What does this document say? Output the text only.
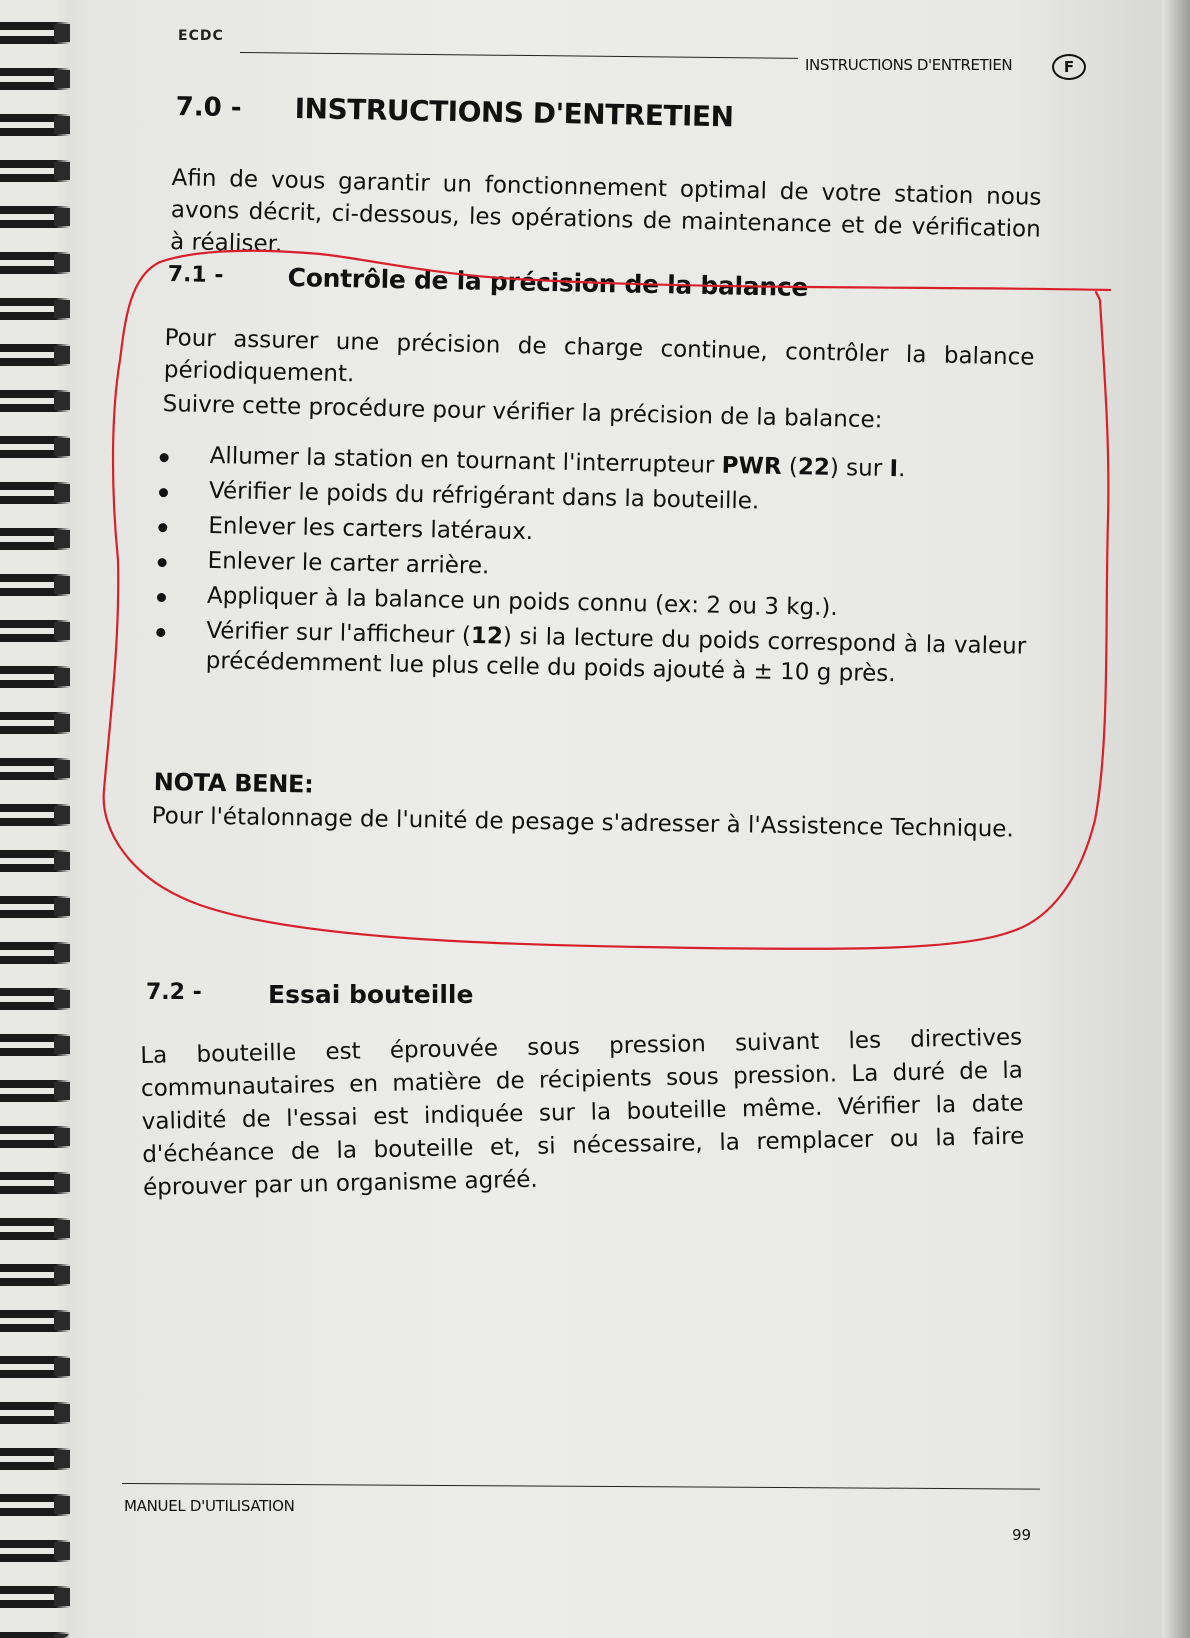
ECDC
INSTRUCTIONS D'ENTRETIEN	F
7.0 - INSTRUCTIONS D'ENTRETIEN
Afin de vous garantir un fonctionnement optimal de votre station nous avons décrit, ci-dessous, les opérations de maintenance et de vérification à réaliser.
7.1 -	Contrôle de la précision de la balance
Pour assurer une précision de charge continue, contrôler la balance périodiquement.
Suivre cette procédure pour vérifier la précision de la balance:
Allumer la station en tournant l'interrupteur PWR (22) sur I.
Vérifier le poids du réfrigérant dans la bouteille.
Enlever les carters latéraux.
Enlever le carter arrière.
Appliquer à la balance un poids connu (ex: 2 ou 3 kg.).
Vérifier sur l'afficheur (12) si la lecture du poids correspond à la valeur précédemment lue plus celle du poids ajouté à ± 10 g près.
NOTA BENE:
Pour l'étalonnage de l'unité de pesage s'adresser à l'Assistence Technique.
7.2 -	Essai bouteille
La bouteille est éprouvée sous pression suivant les directives communautaires en matière de récipients sous pression. La duré de la validité de l'essai est indiquée sur la bouteille même. Vérifier la date d'échéance de la bouteille et, si nécessaire, la remplacer ou la faire éprouver par un organisme agréé.
MANUEL D'UTILISATION
99
